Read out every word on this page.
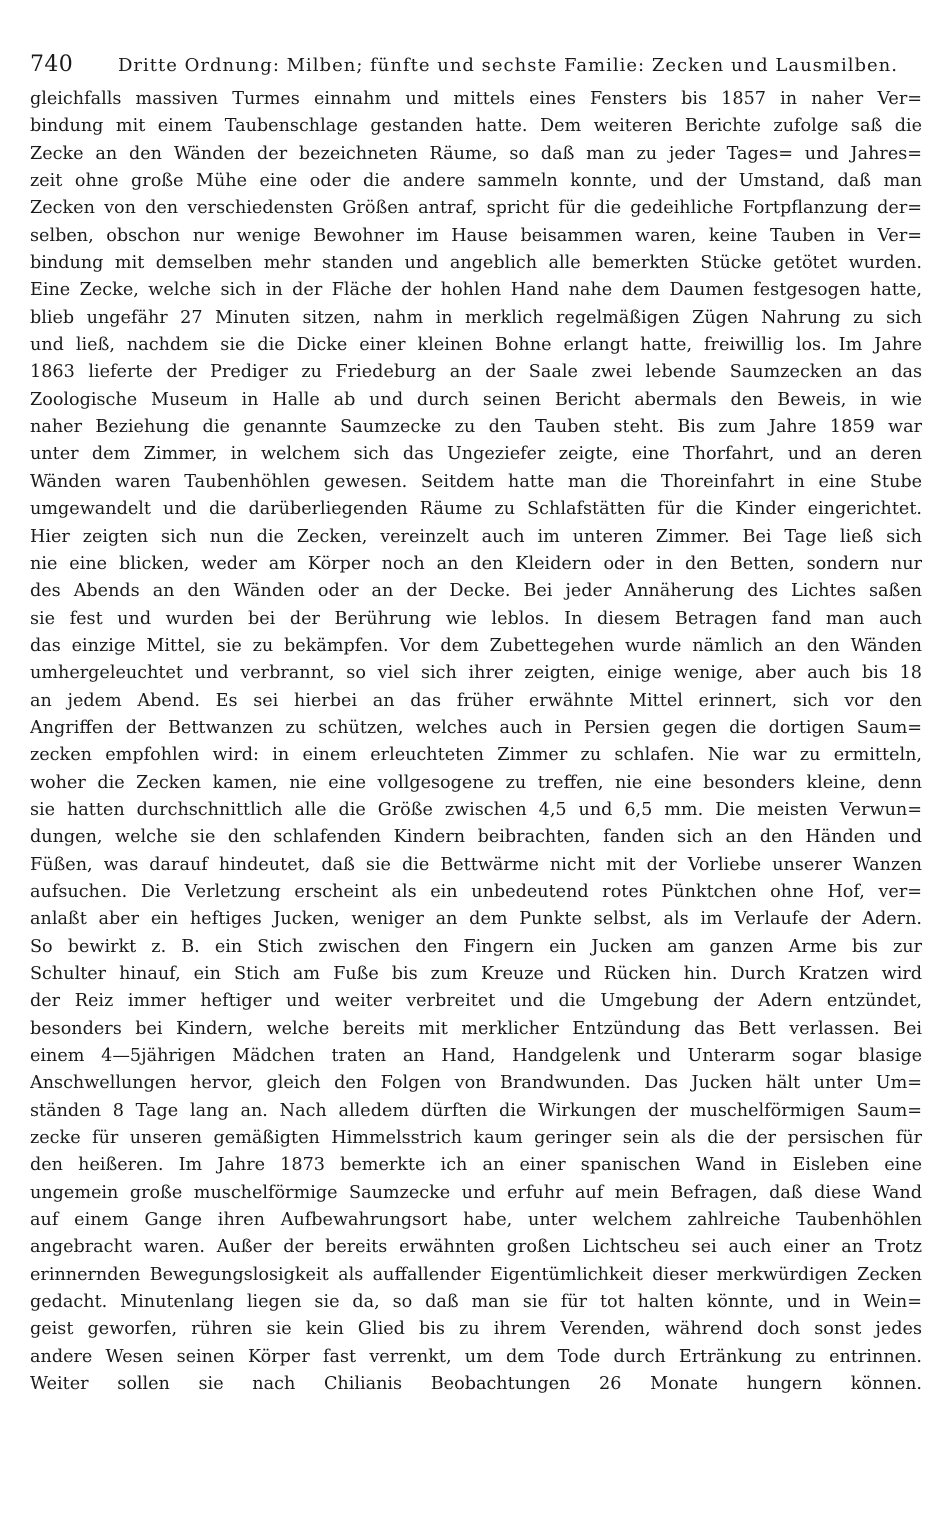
740	Dritte Ordnung: Milben; fünfte und sechste Familie: Zecken und Lausmilben.
gleichfalls massiven Turmes einnahm und mittels eines Fensters bis 1857 in naher Ver=
bindung mit einem Taubenschlage gestanden hatte. Dem weiteren Berichte zufolge saß die
Zecke an den Wänden der bezeichneten Räume, so daß man zu jeder Tages= und Jahres=
zeit ohne große Mühe eine oder die andere sammeln konnte, und der Umstand, daß man
Zecken von den verschiedensten Größen antraf, spricht für die gedeihliche Fortpflanzung der=
selben, obschon nur wenige Bewohner im Hause beisammen waren, keine Tauben in Ver=
bindung mit demselben mehr standen und angeblich alle bemerkten Stücke getötet wurden.
Eine Zecke, welche sich in der Fläche der hohlen Hand nahe dem Daumen festgesogen hatte,
blieb ungefähr 27 Minuten sitzen, nahm in merklich regelmäßigen Zügen Nahrung zu sich
und ließ, nachdem sie die Dicke einer kleinen Bohne erlangt hatte, freiwillig los. Im Jahre
1863 lieferte der Prediger zu Friedeburg an der Saale zwei lebende Saumzecken an das
Zoologische Museum in Halle ab und durch seinen Bericht abermals den Beweis, in wie
naher Beziehung die genannte Saumzecke zu den Tauben steht. Bis zum Jahre 1859 war
unter dem Zimmer, in welchem sich das Ungeziefer zeigte, eine Thorfahrt, und an deren
Wänden waren Taubenhöhlen gewesen. Seitdem hatte man die Thoreinfahrt in eine Stube
umgewandelt und die darüberliegenden Räume zu Schlafstätten für die Kinder eingerichtet.
Hier zeigten sich nun die Zecken, vereinzelt auch im unteren Zimmer. Bei Tage ließ sich
nie eine blicken, weder am Körper noch an den Kleidern oder in den Betten, sondern nur
des Abends an den Wänden oder an der Decke. Bei jeder Annäherung des Lichtes saßen
sie fest und wurden bei der Berührung wie leblos. In diesem Betragen fand man auch
das einzige Mittel, sie zu bekämpfen. Vor dem Zubettegehen wurde nämlich an den Wänden
umhergeleuchtet und verbrannt, so viel sich ihrer zeigten, einige wenige, aber auch bis 18
an jedem Abend. Es sei hierbei an das früher erwähnte Mittel erinnert, sich vor den
Angriffen der Bettwanzen zu schützen, welches auch in Persien gegen die dortigen Saum=
zecken empfohlen wird: in einem erleuchteten Zimmer zu schlafen. Nie war zu ermitteln,
woher die Zecken kamen, nie eine vollgesogene zu treffen, nie eine besonders kleine, denn
sie hatten durchschnittlich alle die Größe zwischen 4,5 und 6,5 mm. Die meisten Verwun=
dungen, welche sie den schlafenden Kindern beibrachten, fanden sich an den Händen und
Füßen, was darauf hindeutet, daß sie die Bettwärme nicht mit der Vorliebe unserer Wanzen
aufsuchen. Die Verletzung erscheint als ein unbedeutend rotes Pünktchen ohne Hof, ver=
anlaßt aber ein heftiges Jucken, weniger an dem Punkte selbst, als im Verlaufe der Adern.
So bewirkt z. B. ein Stich zwischen den Fingern ein Jucken am ganzen Arme bis zur
Schulter hinauf, ein Stich am Fuße bis zum Kreuze und Rücken hin. Durch Kratzen wird
der Reiz immer heftiger und weiter verbreitet und die Umgebung der Adern entzündet,
besonders bei Kindern, welche bereits mit merklicher Entzündung das Bett verlassen. Bei
einem 4—5jährigen Mädchen traten an Hand, Handgelenk und Unterarm sogar blasige
Anschwellungen hervor, gleich den Folgen von Brandwunden. Das Jucken hält unter Um=
ständen 8 Tage lang an. Nach alledem dürften die Wirkungen der muschelförmigen Saum=
zecke für unseren gemäßigten Himmelsstrich kaum geringer sein als die der persischen für
den heißeren. Im Jahre 1873 bemerkte ich an einer spanischen Wand in Eisleben eine
ungemein große muschelförmige Saumzecke und erfuhr auf mein Befragen, daß diese Wand
auf einem Gange ihren Aufbewahrungsort habe, unter welchem zahlreiche Taubenhöhlen
angebracht waren. Außer der bereits erwähnten großen Lichtscheu sei auch einer an Trotz
erinnernden Bewegungslosigkeit als auffallender Eigentümlichkeit dieser merkwürdigen Zecken
gedacht. Minutenlang liegen sie da, so daß man sie für tot halten könnte, und in Wein=
geist geworfen, rühren sie kein Glied bis zu ihrem Verenden, während doch sonst jedes
andere Wesen seinen Körper fast verrenkt, um dem Tode durch Ertränkung zu entrinnen.
Weiter sollen sie nach Chilianis Beobachtungen 26 Monate hungern können.
